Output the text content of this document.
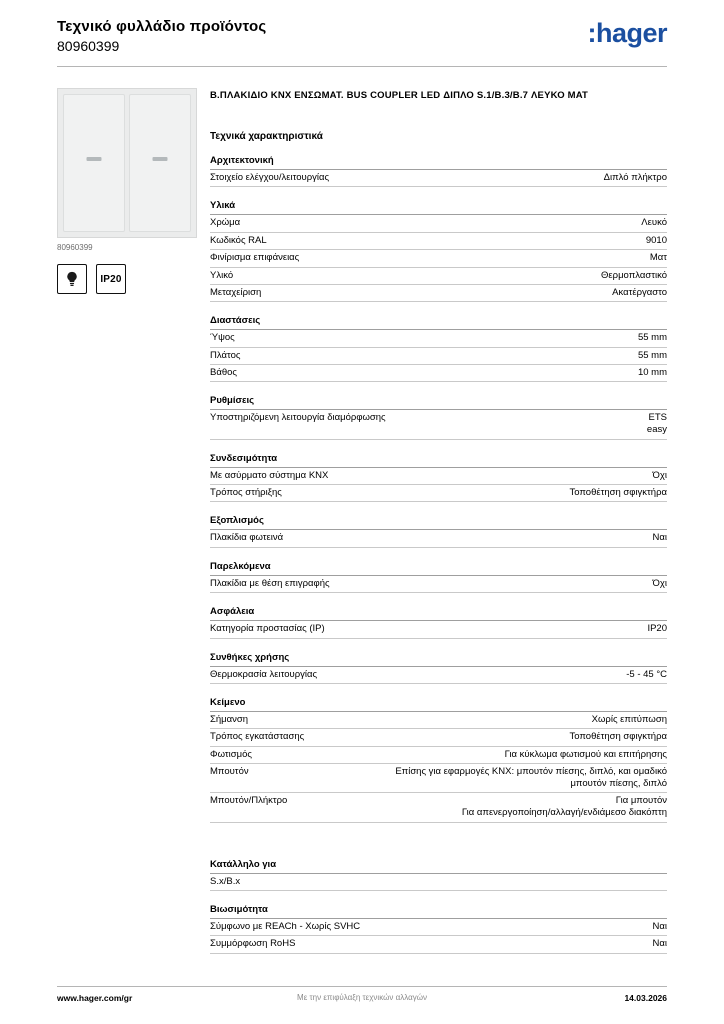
Τεχνικό φυλλάδιο προϊόντος
80960399	:hager
80960399
IP20
Β.ΠΛΑΚΙΔΙΟ KNX ΕΝΣΩΜΑΤ. BUS COUPLER LED ΔΙΠΛΟ S.1/B.3/B.7 ΛΕΥΚΟ ΜΑΤ
Τεχνικά χαρακτηριστικά
Αρχιτεκτονική
Στοιχείο ελέγχου/λειτουργίας	Διπλό πλήκτρο
Υλικά
Χρώμα	Λευκό
Κωδικός RAL	9010
Φινίρισμα επιφάνειας	Ματ
Υλικό	Θερμοπλαστικό
Μεταχείριση	Ακατέργαστο
Διαστάσεις
Ύψος	55 mm
Πλάτος	55 mm
Βάθος	10 mm
Ρυθμίσεις
Υποστηριζόμενη λειτουργία διαμόρφωσης	ETS
easy
Συνδεσιμότητα
Με ασύρματο σύστημα KNX	Όχι
Τρόπος στήριξης	Τοποθέτηση σφιγκτήρα
Εξοπλισμός
Πλακίδια φωτεινά	Ναι
Παρελκόμενα
Πλακίδια με θέση επιγραφής	Όχι
Ασφάλεια
Κατηγορία προστασίας (IP)	IP20
Συνθήκες χρήσης
Θερμοκρασία λειτουργίας	-5 - 45 °C
Κείμενο
Σήμανση	Χωρίς επιτύπωση
Τρόπος εγκατάστασης	Τοποθέτηση σφιγκτήρα
Φωτισμός	Για κύκλωμα φωτισμού και επιτήρησης
Μπουτόν	Επίσης για εφαρμογές KNX: μπουτόν πίεσης, διπλό, και ομαδικό
μπουτόν πίεσης, διπλό
Μπουτόν/Πλήκτρο	Για μπουτόν
Για απενεργοποίηση/αλλαγή/ενδιάμεσο διακόπτη
Κατάλληλο για
S.x/B.x
Βιωσιμότητα
Σύμφωνο με REACh - Χωρίς SVHC	Ναι
Συμμόρφωση RoHS	Ναι
www.hager.com/gr	Με την επιφύλαξη τεχνικών αλλαγών	14.03.2026
